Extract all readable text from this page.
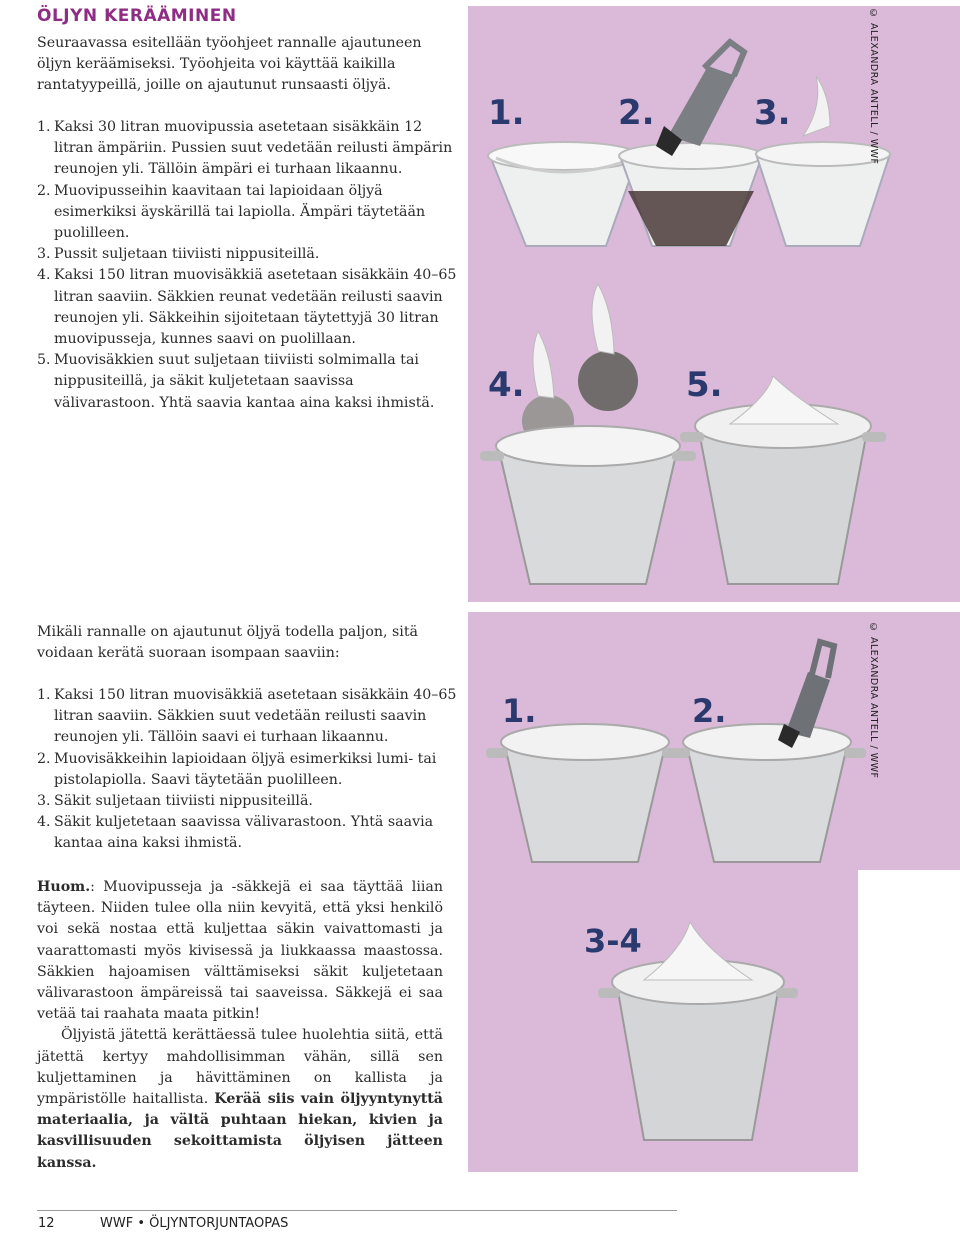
ÖLJYN KERÄÄMINEN
Seuraavassa esitellään työohjeet rannalle ajautuneen öljyn keräämiseksi. Työohjeita voi käyttää kaikilla rantatyypeillä, joille on ajautunut runsaasti öljyä.
1. Kaksi 30 litran muovipussia asetetaan sisäkkäin 12 litran ämpäriin. Pussien suut vedetään reilusti ämpärin reunojen yli. Tällöin ämpäri ei turhaan likaannu.
2. Muovipusseihin kaavitaan tai lapioidaan öljyä esimerkiksi äyskärillä tai lapiolla. Ämpäri täytetään puolilleen.
3. Pussit suljetaan tiiviisti nippusiteillä.
4. Kaksi 150 litran muovisäkkiä asetetaan sisäkkäin 40–65 litran saaviin. Säkkien reunat vedetään reilusti saavin reunojen yli. Säkkeihin sijoitetaan täytettyjä 30 litran muovipusseja, kunnes saavi on puolillaan.
5. Muovisäkkien suut suljetaan tiiviisti solmimalla tai nippusiteillä, ja säkit kuljetetaan saavissa välivarastoon. Yhtä saavia kantaa aina kaksi ihmistä.
Mikäli rannalle on ajautunut öljyä todella paljon, sitä voidaan kerätä suoraan isompaan saaviin:
1. Kaksi 150 litran muovisäkkiä asetetaan sisäkkäin 40–65 litran saaviin. Säkkien suut vedetään reilusti saavin reunojen yli. Tällöin saavi ei turhaan likaannu.
2. Muovisäkkeihin lapioidaan öljyä esimerkiksi lumi- tai pistolapiolla. Saavi täytetään puolilleen.
3. Säkit suljetaan tiiviisti nippusiteillä.
4. Säkit kuljetetaan saavissa välivarastoon. Yhtä saavia kantaa aina kaksi ihmistä.

Huom.: Muovipusseja ja -säkkejä ei saa täyttää liian täyteen. Niiden tulee olla niin kevyitä, että yksi henkilö voi sekä nostaa että kuljettaa säkin vaivattomasti ja vaarattomasti myös kivisessä ja liukkaassa maastossa. Säkkien hajoamisen välttämiseksi säkit kuljetetaan välivarastoon ämpäreissä tai saaveissa. Säkkejä ei saa vetää tai raahata maata pitkin!

Öljyistä jätettä kerättäessä tulee huolehtia siitä, että jätettä kertyy mahdollisimman vähän, sillä sen kuljettaminen ja hävittäminen on kallista ja ympäristölle haitallista. Kerää siis vain öljyyntynyttä materiaalia, ja vältä puhtaan hiekan, kivien ja kasvillisuuden sekoittamista öljyisen jätteen kanssa.

1.	2.	3.
4.	5.
© ALEXANDRA ANTELL / WWF
1.	2.	© ALEXANDRA ANTELL / WWF
3-4
12	WWF • ÖLJYNTORJUNTAOPAS
